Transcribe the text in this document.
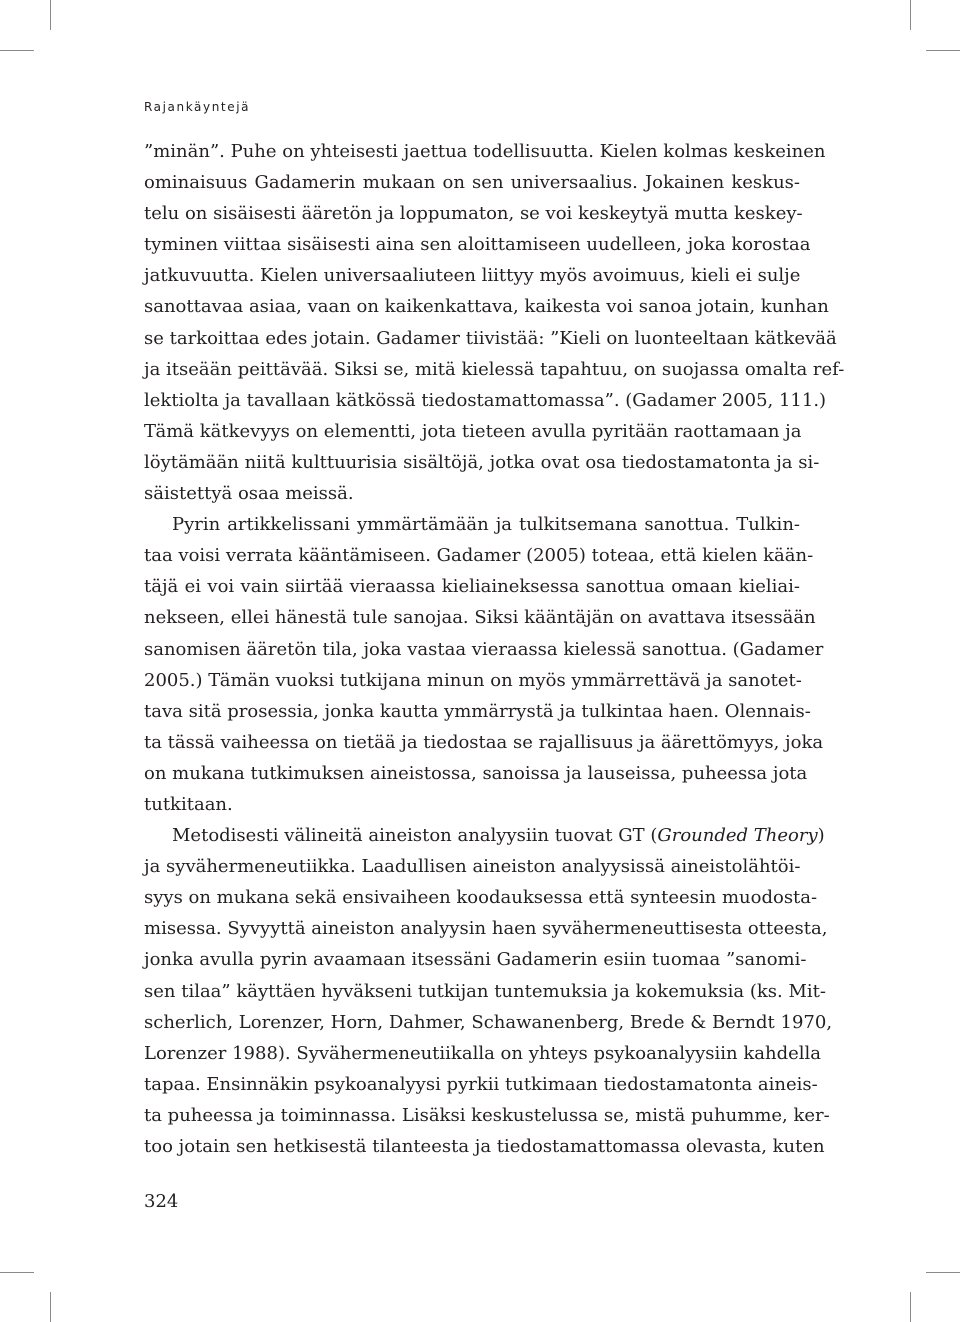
Rajankäyntejä

”minän”. Puhe on yhteisesti jaettua todellisuutta. Kielen kolmas keskeinen
ominaisuus Gadamerin mukaan on sen universaalius. Jokainen keskus-
telu on sisäisesti ääretön ja loppumaton, se voi keskeytyä mutta keskey-
tyminen viittaa sisäisesti aina sen aloittamiseen uudelleen, joka korostaa
jatkuvuutta. Kielen universaaliuteen liittyy myös avoimuus, kieli ei sulje
sanottavaa asiaa, vaan on kaikenkattava, kaikesta voi sanoa jotain, kunhan
se tarkoittaa edes jotain. Gadamer tiivistää: ”Kieli on luonteeltaan kätkevää
ja itseään peittävää. Siksi se, mitä kielessä tapahtuu, on suojassa omalta ref-
lektiolta ja tavallaan kätkössä tiedostamattomassa”. (Gadamer 2005, 111.)
Tämä kätkevyys on elementti, jota tieteen avulla pyritään raottamaan ja
löytämään niitä kulttuurisia sisältöjä, jotka ovat osa tiedostamatonta ja si-
säistettyä osaa meissä.
Pyrin artikkelissani ymmärtämään ja tulkitsemana sanottua. Tulkin-
taa voisi verrata kääntämiseen. Gadamer (2005) toteaa, että kielen kään-
täjä ei voi vain siirtää vieraassa kieliaineksessa sanottua omaan kieliai-
nekseen, ellei hänestä tule sanojaa. Siksi kääntäjän on avattava itsessään
sanomisen ääretön tila, joka vastaa vieraassa kielessä sanottua. (Gadamer
2005.) Tämän vuoksi tutkijana minun on myös ymmärrettävä ja sanotet-
tava sitä prosessia, jonka kautta ymmärrystä ja tulkintaa haen. Olennais-
ta tässä vaiheessa on tietää ja tiedostaa se rajallisuus ja äärettömyys, joka
on mukana tutkimuksen aineistossa, sanoissa ja lauseissa, puheessa jota
tutkitaan.
Metodisesti välineitä aineiston analyysiin tuovat GT (Grounded Theory)
ja syvähermeneutiikka. Laadullisen aineiston analyysissä aineistolähtöi-
syys on mukana sekä ensivaiheen koodauksessa että synteesin muodosta-
misessa. Syvyyttä aineiston analyysin haen syvähermeneuttisesta otteesta,
jonka avulla pyrin avaamaan itsessäni Gadamerin esiin tuomaa ”sanomi-
sen tilaa” käyttäen hyväkseni tutkijan tuntemuksia ja kokemuksia (ks. Mit-
scherlich, Lorenzer, Horn, Dahmer, Schawanenberg, Brede & Berndt 1970,
Lorenzer 1988). Syvähermeneutiikalla on yhteys psykoanalyysiin kahdella
tapaa. Ensinnäkin psykoanalyysi pyrkii tutkimaan tiedostamatonta aineis-
ta puheessa ja toiminnassa. Lisäksi keskustelussa se, mistä puhumme, ker-
too jotain sen hetkisestä tilanteesta ja tiedostamattomassa olevasta, kuten

324
